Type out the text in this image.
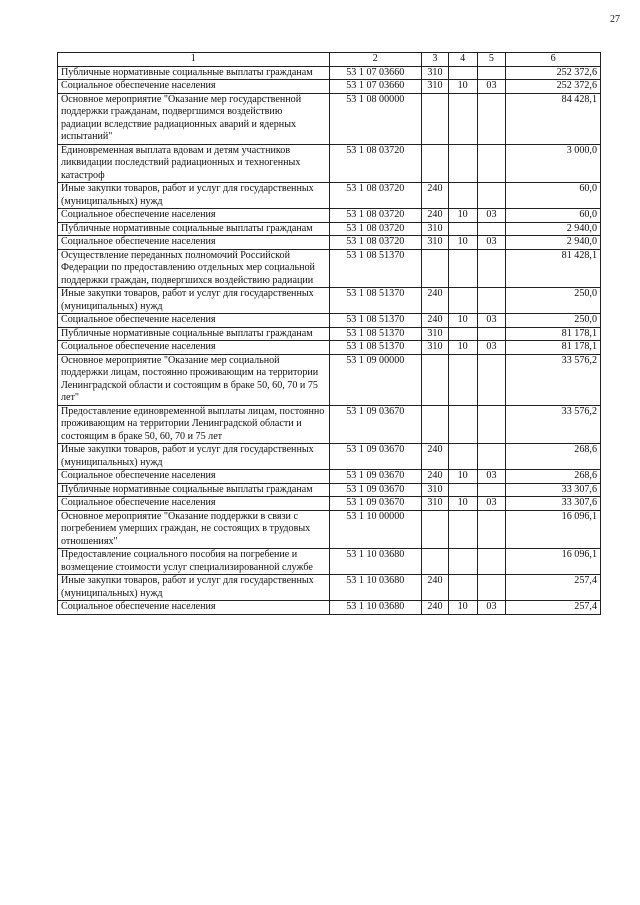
27
1	2	3	4	5	6
Публичные нормативные социальные выплаты гражданам	53 1 07 03660	310			252 372,6
Социальное обеспечение населения	53 1 07 03660	310	10	03	252 372,6
Основное мероприятие "Оказание мер государственной поддержки гражданам, подвергшимся воздействию радиации вследствие радиационных аварий и ядерных испытаний"	53 1 08 00000				84 428,1
Единовременная выплата вдовам и детям участников ликвидации последствий радиационных и техногенных катастроф	53 1 08 03720				3 000,0
Иные закупки товаров, работ и услуг для государственных (муниципальных) нужд	53 1 08 03720	240			60,0
Социальное обеспечение населения	53 1 08 03720	240	10	03	60,0
Публичные нормативные социальные выплаты гражданам	53 1 08 03720	310			2 940,0
Социальное обеспечение населения	53 1 08 03720	310	10	03	2 940,0
Осуществление переданных полномочий Российской Федерации по предоставлению отдельных мер социальной поддержки граждан, подвергшихся воздействию радиации	53 1 08 51370				81 428,1
Иные закупки товаров, работ и услуг для государственных (муниципальных) нужд	53 1 08 51370	240			250,0
Социальное обеспечение населения	53 1 08 51370	240	10	03	250,0
Публичные нормативные социальные выплаты гражданам	53 1 08 51370	310			81 178,1
Социальное обеспечение населения	53 1 08 51370	310	10	03	81 178,1
Основное мероприятие "Оказание мер социальной поддержки лицам, постоянно проживающим на территории Ленинградской области и состоящим в браке 50, 60, 70 и 75 лет"	53 1 09 00000				33 576,2
Предоставление единовременной выплаты лицам, постоянно проживающим на территории Ленинградской области и состоящим в браке 50, 60, 70 и 75 лет	53 1 09 03670				33 576,2
Иные закупки товаров, работ и услуг для государственных (муниципальных) нужд	53 1 09 03670	240			268,6
Социальное обеспечение населения	53 1 09 03670	240	10	03	268,6
Публичные нормативные социальные выплаты гражданам	53 1 09 03670	310			33 307,6
Социальное обеспечение населения	53 1 09 03670	310	10	03	33 307,6
Основное мероприятие "Оказание поддержки в связи с погребением умерших граждан, не состоящих в трудовых отношениях"	53 1 10 00000				16 096,1
Предоставление социального пособия на погребение и возмещение стоимости услуг специализированной службе	53 1 10 03680				16 096,1
Иные закупки товаров, работ и услуг для государственных (муниципальных) нужд	53 1 10 03680	240			257,4
Социальное обеспечение населения	53 1 10 03680	240	10	03	257,4
